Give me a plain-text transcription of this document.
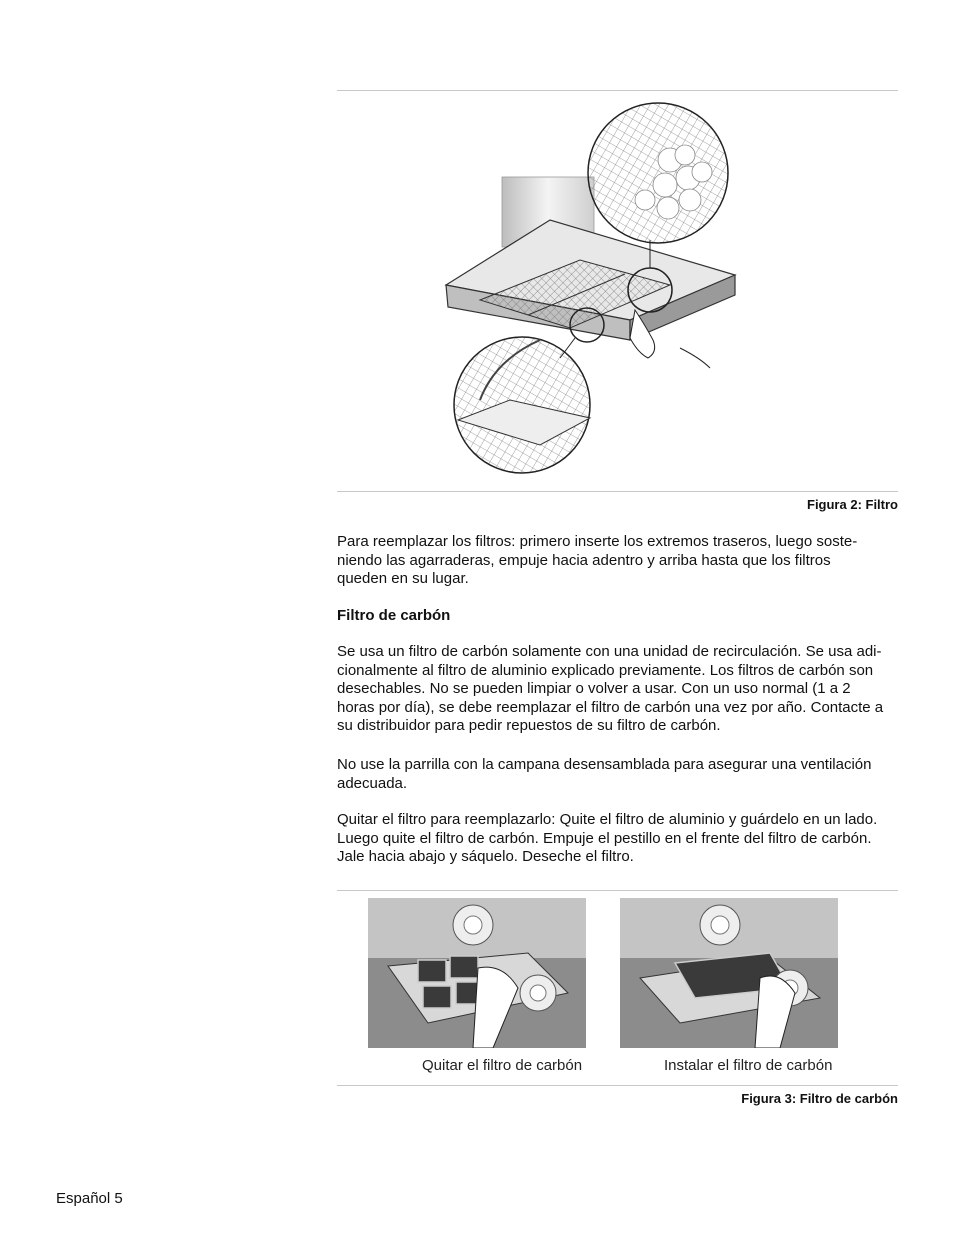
Figura 2: Filtro

Para reemplazar los filtros: primero inserte los extremos traseros, luego soste-
niendo las agarraderas, empuje hacia adentro y arriba hasta que los filtros
queden en su lugar.

Filtro de carbón

Se usa un filtro de carbón solamente con una unidad de recirculación. Se usa adi-
cionalmente al filtro de aluminio explicado previamente. Los filtros de carbón son
desechables. No se pueden limpiar o volver a usar. Con un uso normal (1 a 2
horas por día), se debe reemplazar el filtro de carbón una vez por año. Contacte a
su distribuidor para pedir repuestos de su filtro de carbón.

No use la parrilla con la campana desensamblada para asegurar una ventilación
adecuada.

Quitar el filtro para reemplazarlo: Quite el filtro de aluminio y guárdelo en un lado.
Luego quite el filtro de carbón. Empuje el pestillo en el frente del filtro de carbón.
Jale hacia abajo y sáquelo. Deseche el filtro.

Quitar el filtro de carbón	Instalar el filtro de carbón
Figura 3: Filtro de carbón
Español 5
